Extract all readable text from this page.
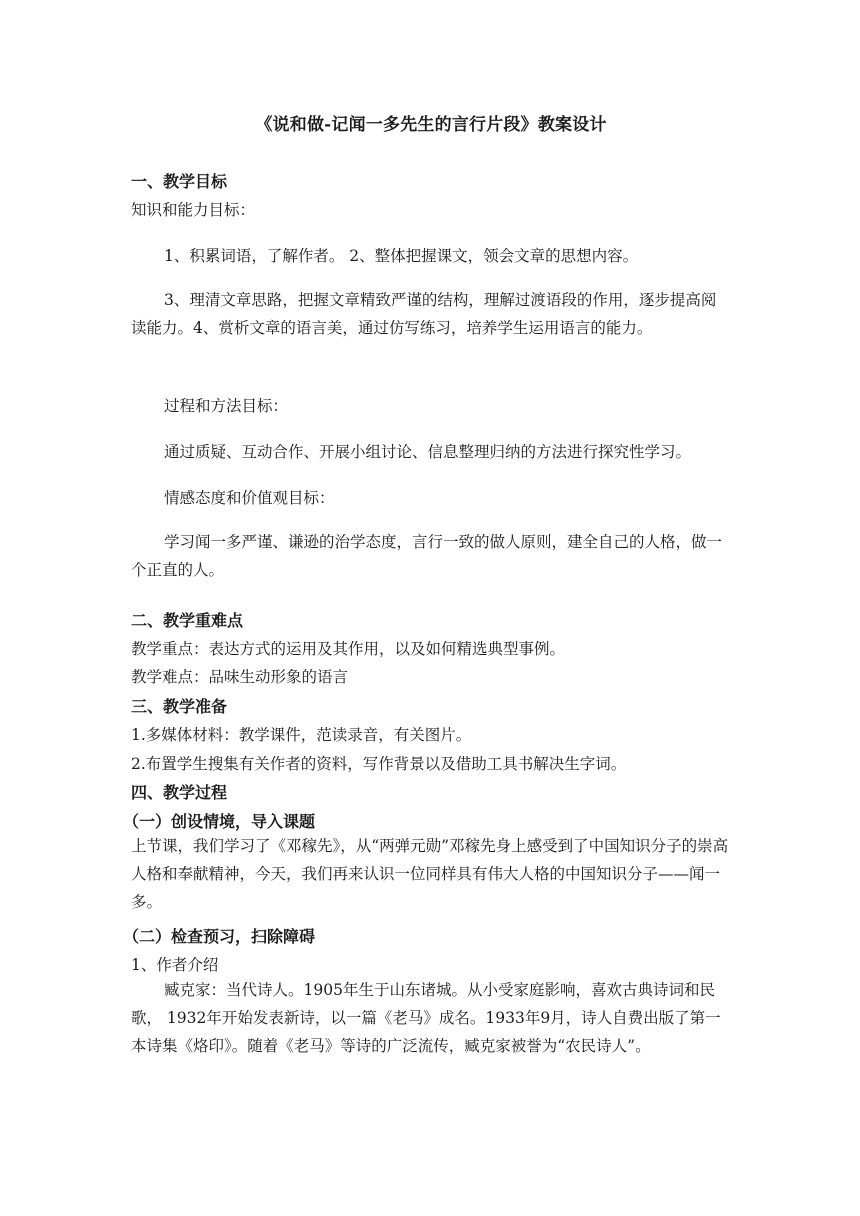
《说和做-记闻一多先生的言行片段》教案设计
一、教学目标
知识和能力目标：
1、积累词语，了解作者。 2、整体把握课文，领会文章的思想内容。
3、理清文章思路，把握文章精致严谨的结构，理解过渡语段的作用，逐步提高阅读能力。4、赏析文章的语言美，通过仿写练习，培养学生运用语言的能力。
过程和方法目标：
通过质疑、互动合作、开展小组讨论、信息整理归纳的方法进行探究性学习。
情感态度和价值观目标：
学习闻一多严谨、谦逊的治学态度，言行一致的做人原则，建全自己的人格，做一个正直的人。
二、教学重难点
教学重点：表达方式的运用及其作用，以及如何精选典型事例。
教学难点：品味生动形象的语言
三、教学准备
1.多媒体材料：教学课件，范读录音，有关图片。
2.布置学生搜集有关作者的资料，写作背景以及借助工具书解决生字词。
四、教学过程
（一）创设情境，导入课题
上节课，我们学习了《邓稼先》，从“两弹元勋”邓稼先身上感受到了中国知识分子的崇高人格和奉献精神，今天，我们再来认识一位同样具有伟大人格的中国知识分子——闻一多。
（二）检查预习，扫除障碍
1、作者介绍
臧克家：当代诗人。1905年生于山东诸城。从小受家庭影响，喜欢古典诗词和民歌， 1932年开始发表新诗，以一篇《老马》成名。1933年9月，诗人自费出版了第一本诗集《烙印》。随着《老马》等诗的广泛流传，臧克家被誉为“农民诗人”。
